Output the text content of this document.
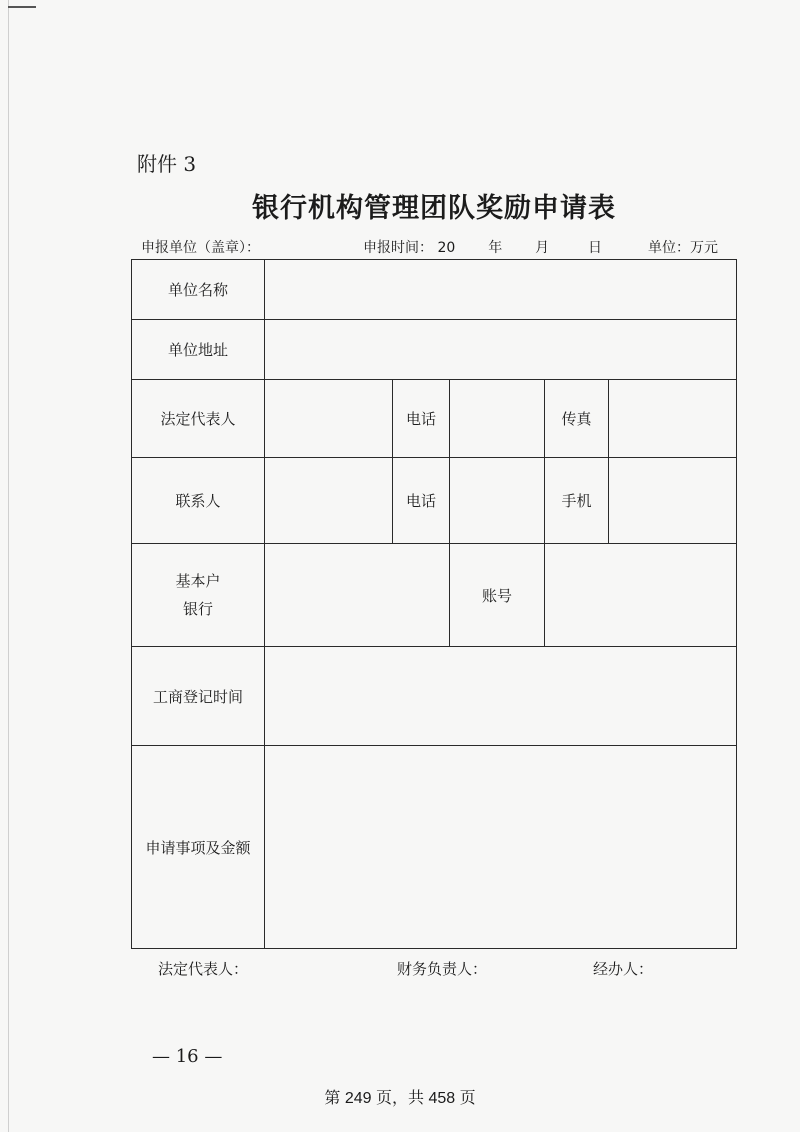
附件 3
银行机构管理团队奖励申请表
申报单位（盖章）：	申报时间： 20 年 月	日	单位：万元
单位名称					
单位地址					
法定代表人		电话		传真	
联系人		电话		手机	

基本户
银行			账号		
工商登记时间					
申请事项及金额					
法定代表人：	财务负责人：	经办人：
— 16 —
第 249 页，共 458 页
